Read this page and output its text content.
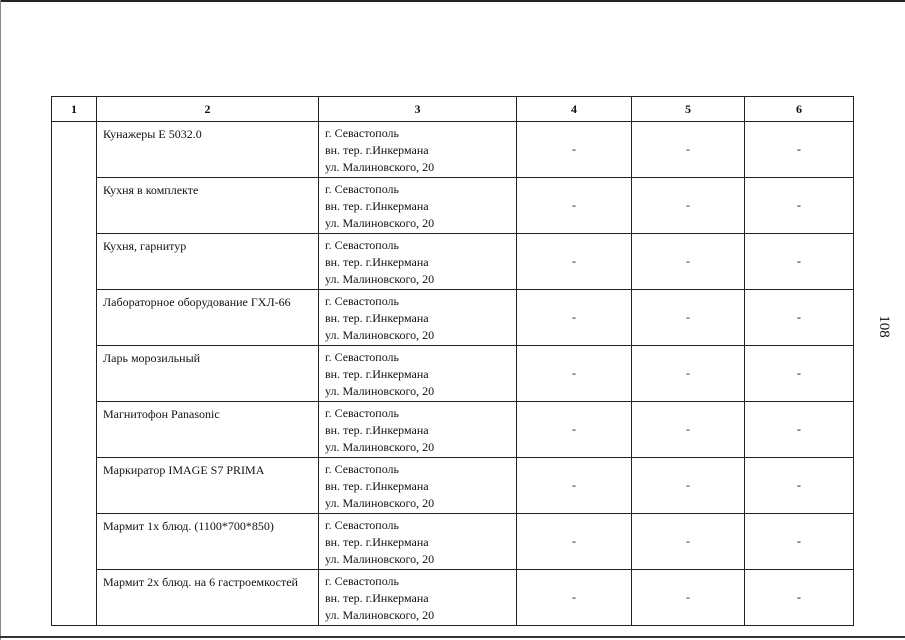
108
1	2	3	4	5	6
	Кунажеры Е 5032.0	г. Севастополь
вн. тер. г.Инкермана
ул. Малиновского, 20	-	-	-
	Кухня в комплекте	г. Севастополь
вн. тер. г.Инкермана
ул. Малиновского, 20	-	-	-
	Кухня, гарнитур	г. Севастополь
вн. тер. г.Инкермана
ул. Малиновского, 20	-	-	-
	Лабораторное оборудование ГХЛ-66	г. Севастополь
вн. тер. г.Инкермана
ул. Малиновского, 20	-	-	-
	Ларь морозильный	г. Севастополь
вн. тер. г.Инкермана
ул. Малиновского, 20	-	-	-
	Магнитофон Panasonic	г. Севастополь
вн. тер. г.Инкермана
ул. Малиновского, 20	-	-	-
	Маркиратор IMAGE S7 PRIMA	г. Севастополь
вн. тер. г.Инкермана
ул. Малиновского, 20	-	-	-
	Мармит 1х блюд. (1100*700*850)	г. Севастополь
вн. тер. г.Инкермана
ул. Малиновского, 20	-	-	-
	Мармит 2х блюд. на 6 гастроемкостей	г. Севастополь
вн. тер. г.Инкермана
ул. Малиновского, 20	-	-	-
